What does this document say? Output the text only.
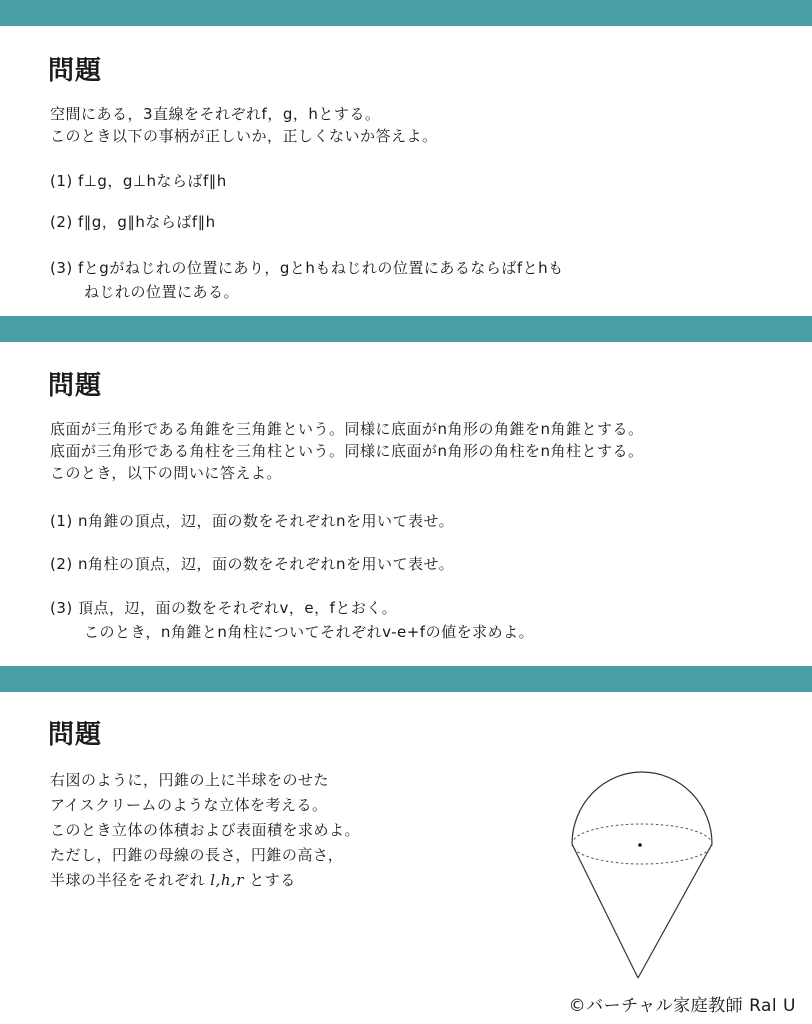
問題
空間にある，3直線をそれぞれf，g，hとする。
このとき以下の事柄が正しいか，正しくないか答えよ。
(1) f⊥g，g⊥hならばf∥h
(2) f∥g，g∥hならばf∥h
(3) fとgがねじれの位置にあり，gとhもねじれの位置にあるならばfとhも
ねじれの位置にある。
問題
底面が三角形である角錐を三角錐という。同様に底面がn角形の角錐をn角錐とする。
底面が三角形である角柱を三角柱という。同様に底面がn角形の角柱をn角柱とする。
このとき，以下の問いに答えよ。
(1) n角錐の頂点，辺，面の数をそれぞれnを用いて表せ。
(2) n角柱の頂点，辺，面の数をそれぞれnを用いて表せ。
(3) 頂点，辺，面の数をそれぞれv，e，fとおく。
このとき，n角錐とn角柱についてそれぞれv-e+fの値を求めよ。
問題
右図のように，円錐の上に半球をのせた
アイスクリームのような立体を考える。
このとき立体の体積および表面積を求めよ。
ただし，円錐の母線の長さ，円錐の高さ，
半球の半径をそれぞれ l,h,r とする
©バーチャル家庭教師 Ral U
